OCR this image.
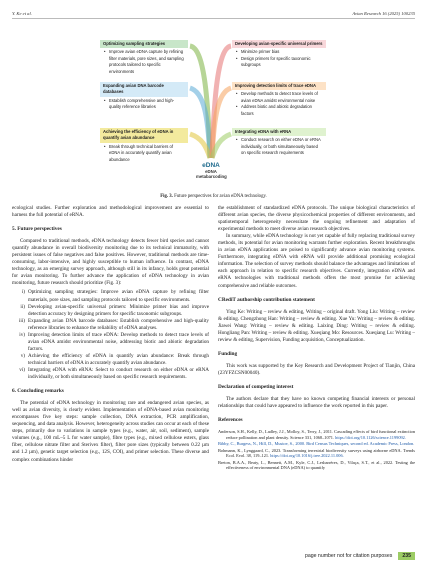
Y. Ke et al.	Avian Research 16 (2025) 100235
Optimizing sampling strategies
• Improve avian eDNA capture by refining filter materials, pore sizes, and sampling protocols tailored to specific environments
Expanding avian DNA barcode databases
• Establish comprehensive and high-quality reference libraries
Achieving the efficiency of eDNA in quantify avian abundance
• Break through technical barriers of eDNA in accurately quantify avian abundance
Developing avian-specific universal primers
• Minimize primer bias
• Design primers for specific taxonomic subgroups
Improving detection limits of trace eDNA
• Develop methods to detect trace levels of avian eDNA amidst environmental noise
• Address biotic and abiotic degradation factors
Integrating eDNA with eRNA
• Conduct research on either eDNA or eRNA individually, or both simultaneously based on specific research requirements
eDNA
eDNA metabarcoding
Fig. 3. Future perspectives for avian eDNA technology.

ecological studies. Further exploration and methodological improvement are essential to harness the full potential of eRNA.

5. Future perspectives

Compared to traditional methods, eDNA technology detects fewer bird species and cannot quantify abundance in overall biodiversity monitoring due to its technical immaturity, with persistent issues of false negatives and false positives. However, traditional methods are time-consuming, labor-intensive, and highly susceptible to human influence. In contrast, eDNA technology, as an emerging survey approach, although still in its infancy, holds great potential for avian monitoring. To further advance the application of eDNA technology in avian monitoring, future research should prioritize (Fig. 3):

i) Optimizing sampling strategies: Improve avian eDNA capture by refining filter materials, pore sizes, and sampling protocols tailored to specific environments.
ii) Developing avian-specific universal primers: Minimize primer bias and improve detection accuracy by designing primers for specific taxonomic subgroups.
iii) Expanding avian DNA barcode databases: Establish comprehensive and high-quality reference libraries to enhance the reliability of eDNA analyses.
iv) Improving detection limits of trace eDNA: Develop methods to detect trace levels of avian eDNA amidst environmental noise, addressing biotic and abiotic degradation factors.
v) Achieving the efficiency of eDNA in quantify avian abundance: Break through technical barriers of eDNA in accurately quantify avian abundance.
vi) Integrating eDNA with eRNA: Select to conduct research on either eDNA or eRNA individually, or both simultaneously based on specific research requirements.
6. Concluding remarks

The potential of eDNA technology in monitoring rare and endangered avian species, as well as avian diversity, is clearly evident. Implementation of eDNA-based avian monitoring encompasses five key steps: sample collection, DNA extraction, PCR amplification, sequencing, and data analysis. However, heterogeneity across studies can occur at each of these steps, primarily due to variations in sample types (e.g., water, air, soil, sediment), sample volumes (e.g., 100 mL–5 L for water sample), fibre types (e.g., mixed cellulose esters, glass fiber, cellulose nitrate filter and Sterivex filter), filter pore sizes (typically between 0.22 µm and 1.2 µm), genetic target selection (e.g., 12S, COI), and primer selection. These diverse and complex combinations hinder

the establishment of standardized eDNA protocols. The unique biological characteristics of different avian species, the diverse physicochemical properties of different environments, and spatiotemporal heterogeneity necessitate the ongoing refinement and adaptation of experimental methods to meet diverse avian research objectives.

In summary, while eDNA technology is not yet capable of fully replacing traditional survey methods, its potential for avian monitoring warrants further exploration. Recent breakthroughs in avian eDNA applications are poised to significantly advance avian monitoring systems. Furthermore, integrating eDNA with eRNA will provide additional promising ecological information. The selection of survey methods should balance the advantages and limitations of each approach in relation to specific research objectives. Currently, integration eDNA and eRNA technologies with traditional methods offers the most promise for achieving comprehensive and reliable outcomes.

CRediT authorship contribution statement

Ying Ke: Writing – review & editing, Writing – original draft. Yong Liu: Writing – review & editing. Chengzhong Han: Writing – review & editing. Xue Yu: Writing – review & editing. Jiawei Wang: Writing – review & editing. Laixing Ding: Writing – review & editing. Hongliang Pan: Writing – review & editing. Xueqiang Mo: Resources. Xueqiang Lu: Writing – review & editing, Supervision, Funding acquisition, Conceptualization.

Funding

This work was supported by the Key Research and Development Project of Tianjin, China (23YFZCSN00040).

Declaration of competing interest

The authors declare that they have no known competing financial interests or personal relationships that could have appeared to influence the work reported in this paper.

References

Anderson, S.H., Kelly, D., Ladley, J.J., Molloy, S., Terry, J., 2011. Cascading effects of bird functional extinction reduce pollination and plant density. Science 331, 1068–1071. https://doi.org/10.1126/science.1199092.

Bibby, C., Burgess, N., Hill, D., Mustoe, S., 2000. Bird Census Techniques, second ed. Academic Press, London.

Bohmann, K., Lynggaard, C., 2023. Transforming terrestrial biodiversity surveys using airborne eDNA. Trends Ecol. Evol. 38, 119–121. https://doi.org/10.1016/j.tree.2022.11.006.

Breton, B.A.A., Beaty, L., Bennett, A.M., Kyle, C.J., Lesbarrères, D., Vilaça, S.T., et al., 2022. Testing the effectiveness of environmental DNA (eDNA) to quantify

page number not for citation purposes	235
